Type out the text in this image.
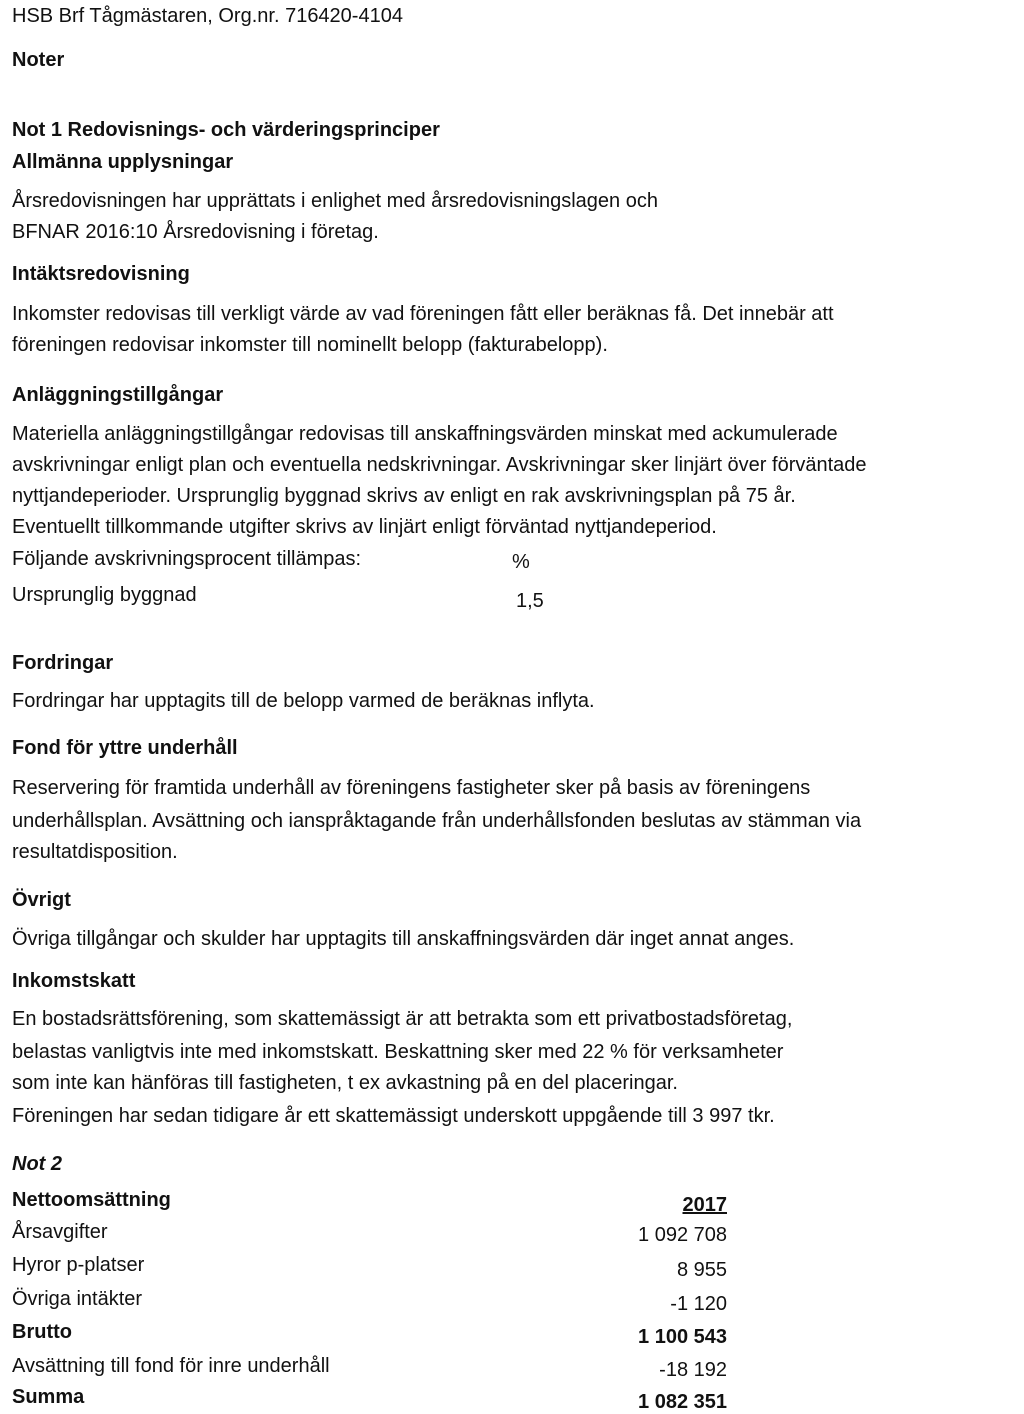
HSB Brf Tågmästaren, Org.nr. 716420-4104
Noter
Not 1 Redovisnings- och värderingsprinciper
Allmänna upplysningar
Årsredovisningen har upprättats i enlighet med årsredovisningslagen och
BFNAR 2016:10 Årsredovisning i företag.
Intäktsredovisning
Inkomster redovisas till verkligt värde av vad föreningen fått eller beräknas få. Det innebär att
föreningen redovisar inkomster till nominellt belopp (fakturabelopp).
Anläggningstillgångar
Materiella anläggningstillgångar redovisas till anskaffningsvärden minskat med ackumulerade
avskrivningar enligt plan och eventuella nedskrivningar. Avskrivningar sker linjärt över förväntade
nyttjandeperioder. Ursprunglig byggnad skrivs av enligt en rak avskrivningsplan på 75 år.
Eventuellt tillkommande utgifter skrivs av linjärt enligt förväntad nyttjandeperiod.
Följande avskrivningsprocent tillämpas:	%
Ursprunglig byggnad	1,5
Fordringar
Fordringar har upptagits till de belopp varmed de beräknas inflyta.
Fond för yttre underhåll
Reservering för framtida underhåll av föreningens fastigheter sker på basis av föreningens
underhållsplan. Avsättning och ianspråktagande från underhållsfonden beslutas av stämman via
resultatdisposition.
Övrigt
Övriga tillgångar och skulder har upptagits till anskaffningsvärden där inget annat anges.
Inkomstskatt
En bostadsrättsförening, som skattemässigt är att betrakta som ett privatbostadsföretag,
belastas vanligtvis inte med inkomstskatt. Beskattning sker med 22 % för verksamheter
som inte kan hänföras till fastigheten, t ex avkastning på en del placeringar.
Föreningen har sedan tidigare år ett skattemässigt underskott uppgående till 3 997 tkr.
Not 2
Nettoomsättning	2017
Årsavgifter	1 092 708
Hyror p-platser	8 955
Övriga intäkter	-1 120
Brutto	1 100 543
Avsättning till fond för inre underhåll	-18 192
Summa	1 082 351
